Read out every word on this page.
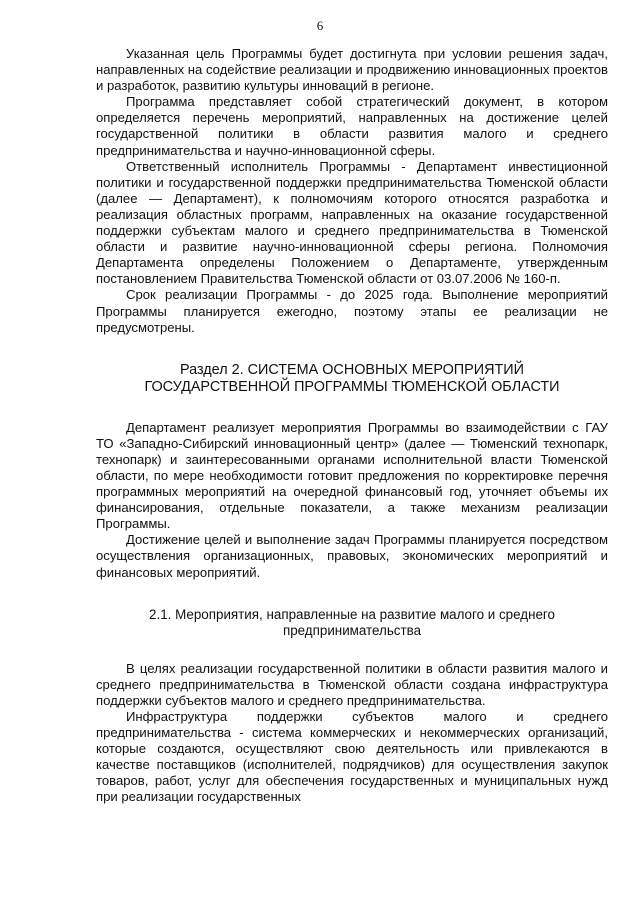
6

Указанная цель Программы будет достигнута при условии решения задач, направленных на содействие реализации и продвижению инновационных проектов и разработок, развитию культуры инноваций в регионе.

Программа представляет собой стратегический документ, в котором определяется перечень мероприятий, направленных на достижение целей государственной политики в области развития малого и среднего предпринимательства и научно-инновационной сферы.

Ответственный исполнитель Программы - Департамент инвестиционной политики и государственной поддержки предпринимательства Тюменской области (далее — Департамент), к полномочиям которого относятся разработка и реализация областных программ, направленных на оказание государственной поддержки субъектам малого и среднего предпринимательства в Тюменской области и развитие научно-инновационной сферы региона. Полномочия Департамента определены Положением о Департаменте, утвержденным постановлением Правительства Тюменской области от 03.07.2006 № 160-п.

Срок реализации Программы - до 2025 года. Выполнение мероприятий Программы планируется ежегодно, поэтому этапы ее реализации не предусмотрены.

Раздел 2. СИСТЕМА ОСНОВНЫХ МЕРОПРИЯТИЙ
ГОСУДАРСТВЕННОЙ ПРОГРАММЫ ТЮМЕНСКОЙ ОБЛАСТИ

Департамент реализует мероприятия Программы во взаимодействии с ГАУ ТО «Западно-Сибирский инновационный центр» (далее — Тюменский технопарк, технопарк) и заинтересованными органами исполнительной власти Тюменской области, по мере необходимости готовит предложения по корректировке перечня программных мероприятий на очередной финансовый год, уточняет объемы их финансирования, отдельные показатели, а также механизм реализации Программы.

Достижение целей и выполнение задач Программы планируется посредством осуществления организационных, правовых, экономических мероприятий и финансовых мероприятий.

2.1. Мероприятия, направленные на развитие малого и среднего
предпринимательства

В целях реализации государственной политики в области развития малого и среднего предпринимательства в Тюменской области создана инфраструктура поддержки субъектов малого и среднего предпринимательства.

Инфраструктура поддержки субъектов малого и среднего предпринимательства - система коммерческих и некоммерческих организаций, которые создаются, осуществляют свою деятельность или привлекаются в качестве поставщиков (исполнителей, подрядчиков) для осуществления закупок товаров, работ, услуг для обеспечения государственных и муниципальных нужд при реализации государственных
